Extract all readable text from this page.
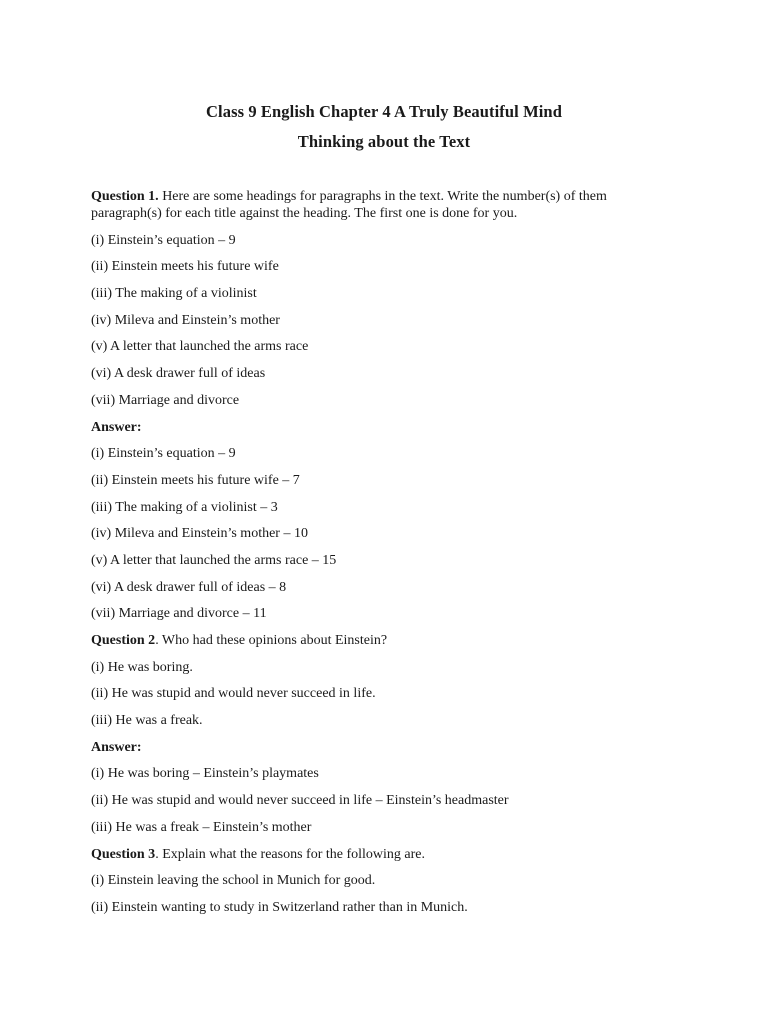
Class 9 English Chapter 4 A Truly Beautiful Mind
Thinking about the Text

Question 1. Here are some headings for paragraphs in the text. Write the number(s) of them paragraph(s) for each title against the heading. The first one is done for you.

(i) Einstein’s equation – 9

(ii) Einstein meets his future wife

(iii) The making of a violinist

(iv) Mileva and Einstein’s mother

(v) A letter that launched the arms race

(vi) A desk drawer full of ideas

(vii) Marriage and divorce

Answer:

(i) Einstein’s equation – 9

(ii) Einstein meets his future wife – 7

(iii) The making of a violinist – 3

(iv) Mileva and Einstein’s mother – 10

(v) A letter that launched the arms race – 15

(vi) A desk drawer full of ideas – 8

(vii) Marriage and divorce – 11

Question 2. Who had these opinions about Einstein?

(i) He was boring.

(ii) He was stupid and would never succeed in life.

(iii) He was a freak.

Answer:

(i) He was boring – Einstein’s playmates

(ii) He was stupid and would never succeed in life – Einstein’s headmaster

(iii) He was a freak – Einstein’s mother

Question 3. Explain what the reasons for the following are.

(i) Einstein leaving the school in Munich for good.

(ii) Einstein wanting to study in Switzerland rather than in Munich.
